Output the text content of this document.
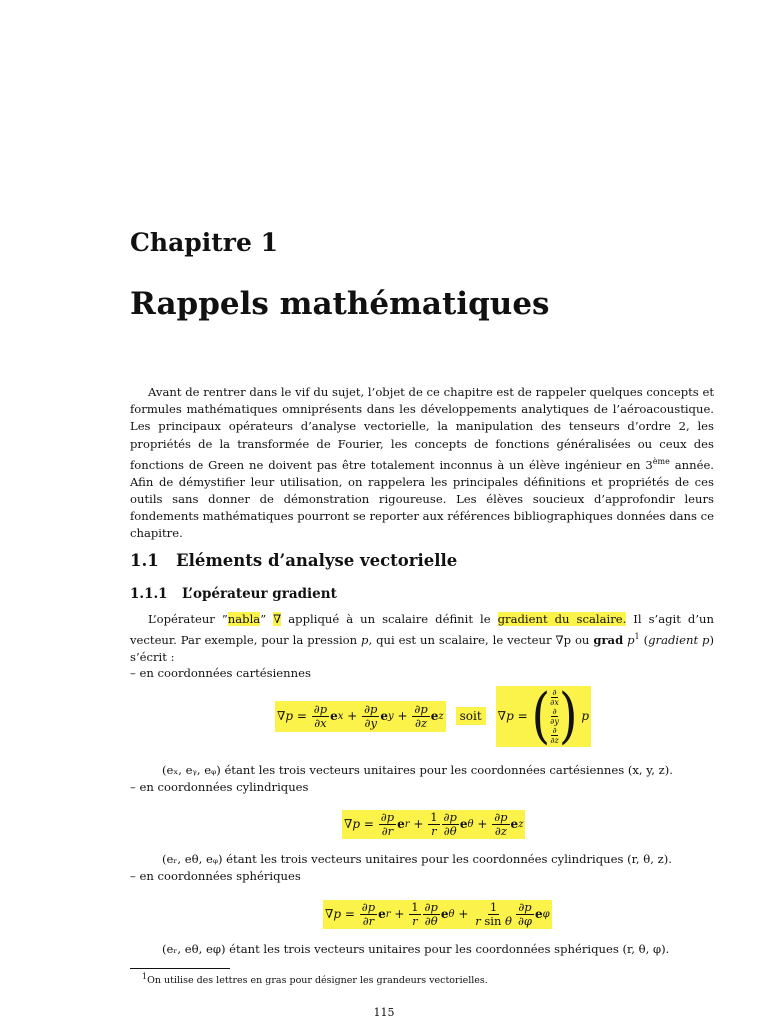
Chapitre 1
Rappels mathématiques
Avant de rentrer dans le vif du sujet, l’objet de ce chapitre est de rappeler quelques concepts et formules mathématiques omniprésents dans les développements analytiques de l’aéroacoustique. Les principaux opérateurs d’analyse vectorielle, la manipulation des tenseurs d’ordre 2, les propriétés de la transformée de Fourier, les concepts de fonctions généralisées ou ceux des fonctions de Green ne doivent pas être totalement inconnus à un élève ingénieur en 3ème année. Afin de démystifier leur utilisation, on rappelera les principales définitions et propriétés de ces outils sans donner de démonstration rigoureuse. Les élèves soucieux d’approfondir leurs fondements mathématiques pourront se reporter aux références bibliographiques données dans ce chapitre.
1.1 Eléments d’analyse vectorielle
1.1.1 L’opérateur gradient
L’opérateur ”nabla” ∇ appliqué à un scalaire définit le gradient du scalaire. Il s’agit d’un vecteur. Par exemple, pour la pression p, qui est un scalaire, le vecteur ∇p ou grad $p^1$ (gradient p) s’écrit :
– en coordonnées cartésiennes
∇ $p = \frac{\partial p}{\partial x}$ e $x + \frac{\partial p}{\partial y}$ e $y + \frac{\partial p}{\partial z}$ e z	soit	∇ p = ( ∂
∂x
∂
∂y
∂
∂z )
p
(eₓ, eᵧ, eᵩ) étant les trois vecteurs unitaires pour les coordonnées cartésiennes (x, y, z).
– en coordonnées cylindriques
∇ $p = \frac{\partial p}{\partial r}$ e $r + \frac{1}{r} \frac{\partial p}{\partial\theta}$ e $\theta + \frac{\partial p}{\partial z}$ e z
(eᵣ, eθ, eᵩ) étant les trois vecteurs unitaires pour les coordonnées cylindriques (r, θ, z).
– en coordonnées sphériques
∇ $p = \frac{\partial p}{\partial r}$ e $r + \frac{1}{r} \frac{\partial p}{\partial\theta}$ e $\theta + \frac{1}{\text{r sin θ}} \frac{\partial p}{\partial\varphi}$ e φ
(eᵣ, eθ, eφ) étant les trois vecteurs unitaires pour les coordonnées sphériques (r, θ, φ).
$^1$On utilise des lettres en gras pour désigner les grandeurs vectorielles.
115
